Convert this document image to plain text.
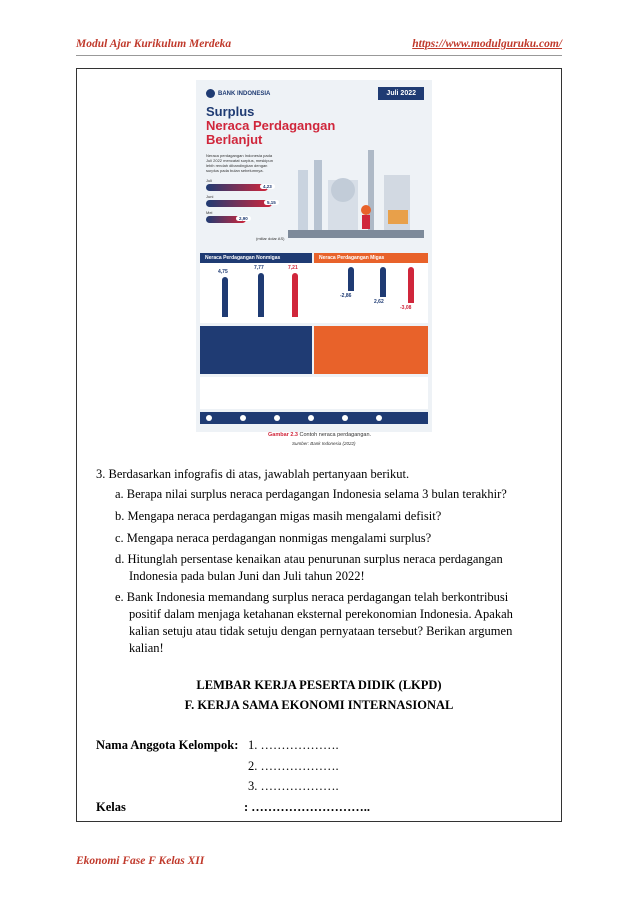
Modul Ajar Kurikulum Merdeka	https://www.modulguruku.com/
BANK INDONESIA	Juli 2022
Surplus
Neraca Perdagangan
Berlanjut
Neraca perdagangan Indonesia pada Juli 2022 mencatat surplus, meskipun lebih rendah dibandingkan dengan surplus pada bulan sebelumnya.
Juli
4,23
Juni
5,15
Mei
2,90
(miliar dolar AS)
Neraca Perdagangan Nonmigas	Neraca Perdagangan Migas
4,75
7,77	7,21
-2,86
2,62
-3,08
Gambar 2.3 Contoh neraca perdagangan.
Sumber: Bank Indonesia (2022)
3. Berdasarkan infografis di atas, jawablah pertanyaan berikut.
a. Berapa nilai surplus neraca perdagangan Indonesia selama 3 bulan terakhir?
b. Mengapa neraca perdagangan migas masih mengalami defisit?
c. Mengapa neraca perdagangan nonmigas mengalami surplus?
d. Hitunglah persentase kenaikan atau penurunan surplus neraca perdagangan
Indonesia pada bulan Juni dan Juli tahun 2022!
e. Bank Indonesia memandang surplus neraca perdagangan telah berkontribusi
positif dalam menjaga ketahanan eksternal perekonomian Indonesia. Apakah
kalian setuju atau tidak setuju dengan pernyataan tersebut? Berikan argumen
kalian!
LEMBAR KERJA PESERTA DIDIK (LKPD)
F. KERJA SAMA EKONOMI INTERNASIONAL
Nama Anggota Kelompok: 1. ……………….
2. ……………….
3. ……………….
Kelas	: ………………………..
Ekonomi Fase F Kelas XII
